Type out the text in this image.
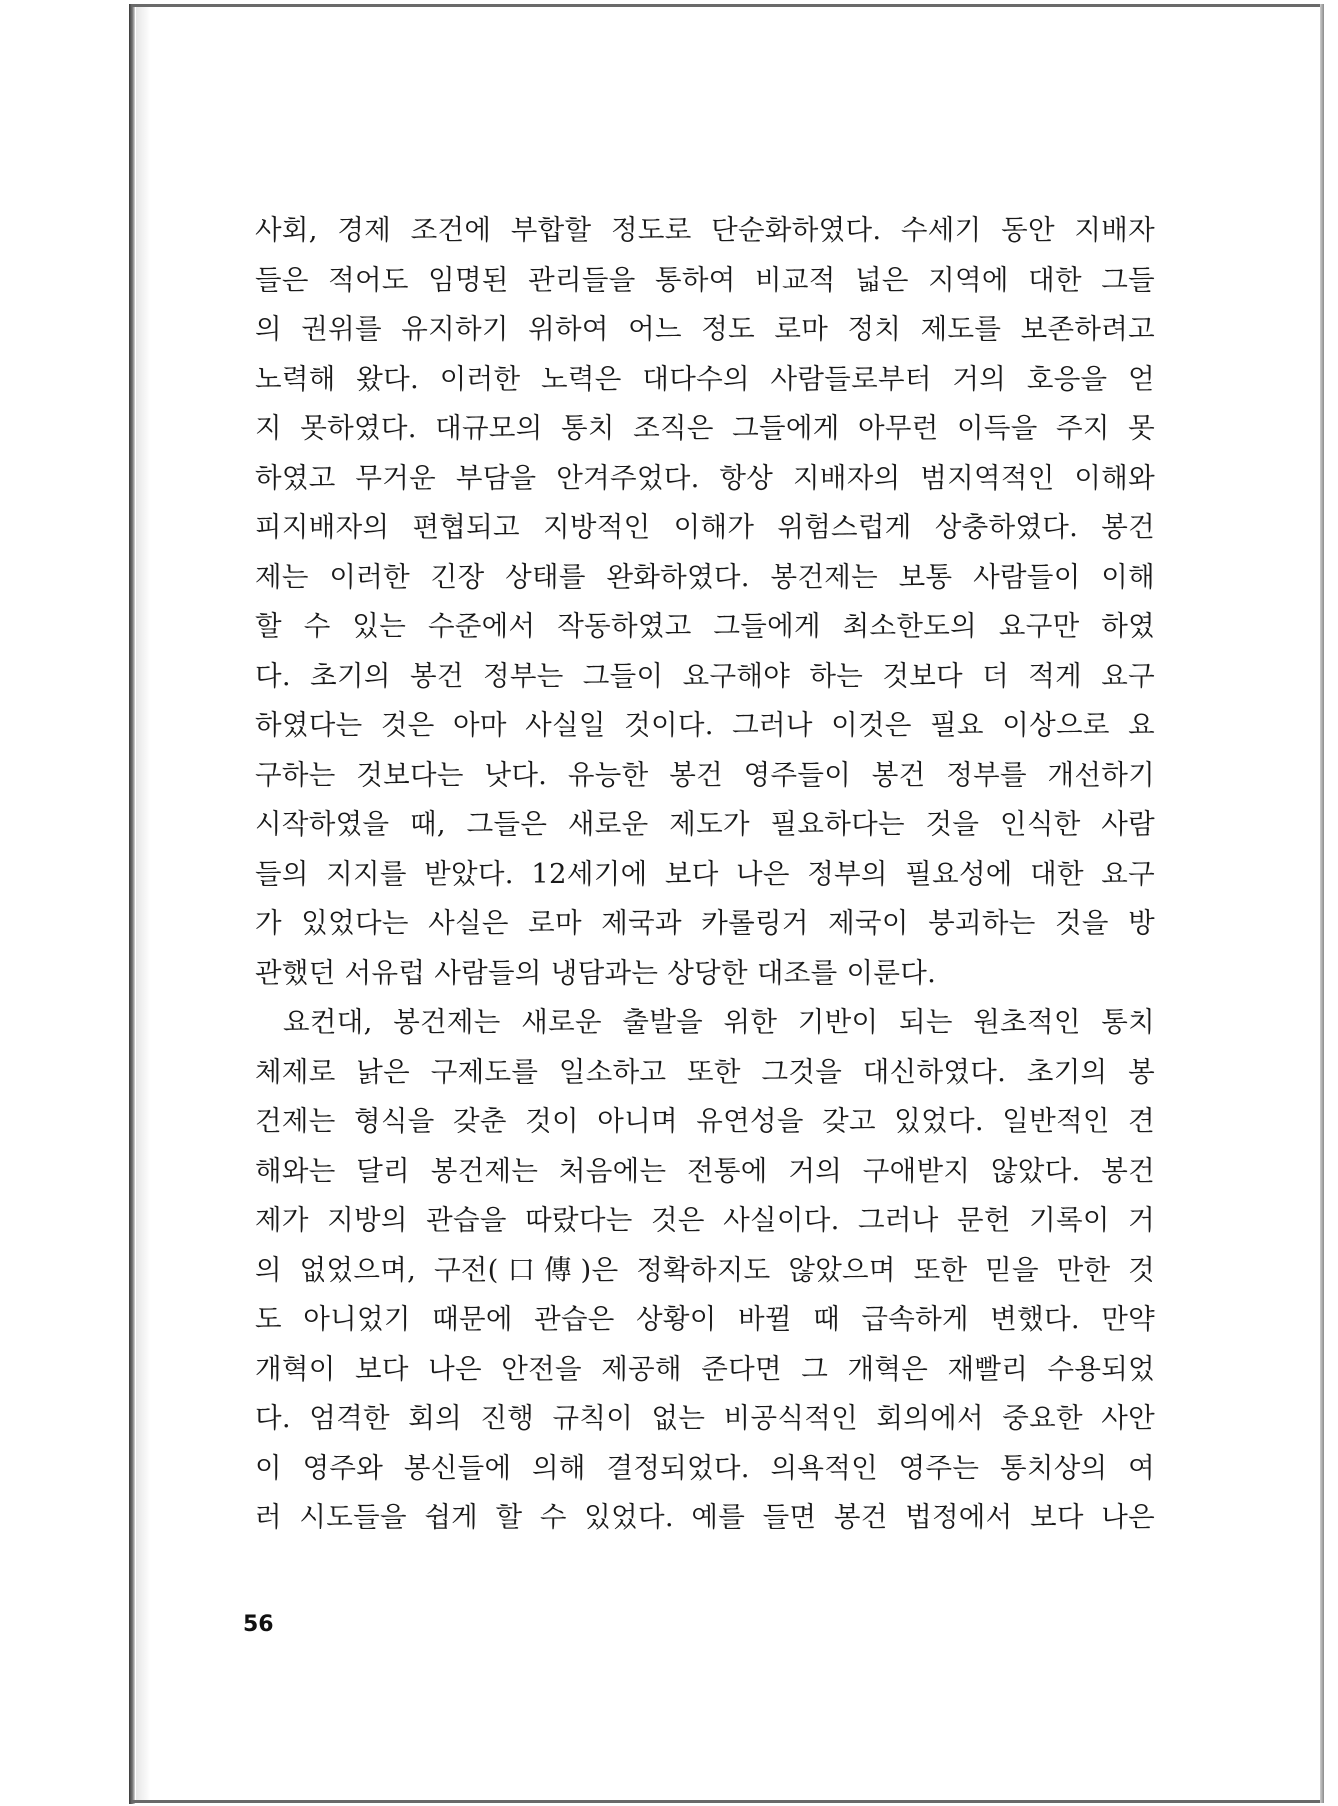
사회, 경제 조건에 부합할 정도로 단순화하였다. 수세기 동안 지배자
들은 적어도 임명된 관리들을 통하여 비교적 넓은 지역에 대한 그들
의 권위를 유지하기 위하여 어느 정도 로마 정치 제도를 보존하려고
노력해 왔다. 이러한 노력은 대다수의 사람들로부터 거의 호응을 얻
지 못하였다. 대규모의 통치 조직은 그들에게 아무런 이득을 주지 못
하였고 무거운 부담을 안겨주었다. 항상 지배자의 범지역적인 이해와
피지배자의 편협되고 지방적인 이해가 위험스럽게 상충하였다. 봉건
제는 이러한 긴장 상태를 완화하였다. 봉건제는 보통 사람들이 이해
할 수 있는 수준에서 작동하였고 그들에게 최소한도의 요구만 하였
다. 초기의 봉건 정부는 그들이 요구해야 하는 것보다 더 적게 요구
하였다는 것은 아마 사실일 것이다. 그러나 이것은 필요 이상으로 요
구하는 것보다는 낫다. 유능한 봉건 영주들이 봉건 정부를 개선하기
시작하였을 때, 그들은 새로운 제도가 필요하다는 것을 인식한 사람
들의 지지를 받았다. 12세기에 보다 나은 정부의 필요성에 대한 요구
가 있었다는 사실은 로마 제국과 카롤링거 제국이 붕괴하는 것을 방
관했던 서유럽 사람들의 냉담과는 상당한 대조를 이룬다.
요컨대, 봉건제는 새로운 출발을 위한 기반이 되는 원초적인 통치
체제로 낡은 구제도를 일소하고 또한 그것을 대신하였다. 초기의 봉
건제는 형식을 갖춘 것이 아니며 유연성을 갖고 있었다. 일반적인 견
해와는 달리 봉건제는 처음에는 전통에 거의 구애받지 않았다. 봉건
제가 지방의 관습을 따랐다는 것은 사실이다. 그러나 문헌 기록이 거
의 없었으며, 구전(口傳)은 정확하지도 않았으며 또한 믿을 만한 것
도 아니었기 때문에 관습은 상황이 바뀔 때 급속하게 변했다. 만약
개혁이 보다 나은 안전을 제공해 준다면 그 개혁은 재빨리 수용되었
다. 엄격한 회의 진행 규칙이 없는 비공식적인 회의에서 중요한 사안
이 영주와 봉신들에 의해 결정되었다. 의욕적인 영주는 통치상의 여
러 시도들을 쉽게 할 수 있었다. 예를 들면 봉건 법정에서 보다 나은
56
